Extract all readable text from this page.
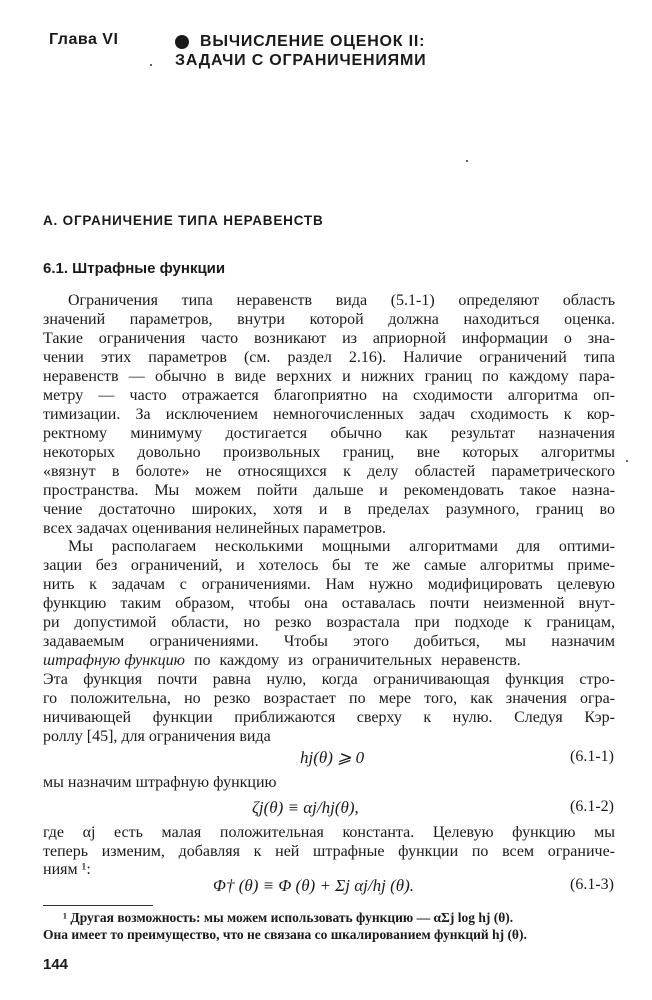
Глава VI	ВЫЧИСЛЕНИЕ ОЦЕНОК II:
ЗАДАЧИ С ОГРАНИЧЕНИЯМИ
А. ОГРАНИЧЕНИЕ ТИПА НЕРАВЕНСТВ
6.1. Штрафные функции
Ограничения типа неравенств вида (5.1-1) определяют область
значений параметров, внутри которой должна находиться оценка.
Такие ограничения часто возникают из априорной информации о зна-
чении этих параметров (см. раздел 2.16). Наличие ограничений типа
неравенств — обычно в виде верхних и нижних границ по каждому пара-
метру — часто отражается благоприятно на сходимости алгоритма оп-
тимизации. За исключением немногочисленных задач сходимость к кор-
ректному минимуму достигается обычно как результат назначения
некоторых довольно произвольных границ, вне которых алгоритмы
«вязнут в болоте» не относящихся к делу областей параметрического
пространства. Мы можем пойти дальше и рекомендовать такое назна-
чение достаточно широких, хотя и в пределах разумного, границ во
всех задачах оценивания нелинейных параметров.
Мы располагаем несколькими мощными алгоритмами для оптими-
зации без ограничений, и хотелось бы те же самые алгоритмы приме-
нить к задачам с ограничениями. Нам нужно модифицировать целевую
функцию таким образом, чтобы она оставалась почти неизменной внут-
ри допустимой области, но резко возрастала при подходе к границам,
задаваемым ограничениями. Чтобы этого добиться, мы назначим
штрафную функцию по каждому из ограничительных неравенств.
Эта функция почти равна нулю, когда ограничивающая функция стро-
го положительна, но резко возрастает по мере того, как значения огра-
ничивающей функции приближаются сверху к нулю. Следуя Кэр-
роллу [45], для ограничения вида
hj(θ) ⩾ 0	(6.1-1)
мы назначим штрафную функцию
ζj(θ) ≡ αj/hj(θ),	(6.1-2)
где αj есть малая положительная константа. Целевую функцию мы
теперь изменим, добавляя к ней штрафные функции по всем ограниче-
ниям ¹:
Φ† (θ) ≡ Φ (θ) + Σj αj/hj (θ).	(6.1-3)
¹ Другая возможность: мы можем использовать функцию — αΣj log hj (θ).
Она имеет то преимущество, что не связана со шкалированием функций hj (θ).
144
